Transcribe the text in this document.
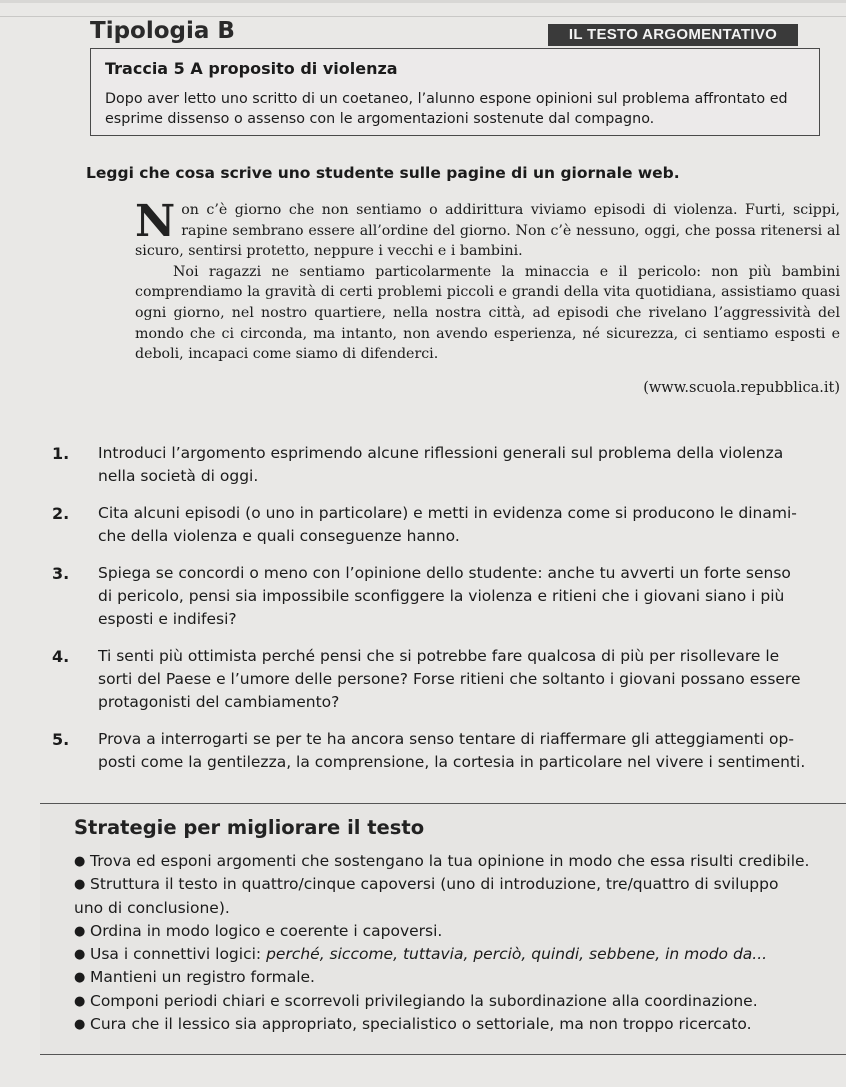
Tipologia B	IL TESTO ARGOMENTATIVO
Traccia 5 A proposito di violenza
Dopo aver letto uno scritto di un coetaneo, l’alunno espone opinioni sul problema affrontato ed esprime dissenso o assenso con le argomentazioni sostenute dal compagno.
Leggi che cosa scrive uno studente sulle pagine di un giornale web.

Non c’è giorno che non sentiamo o addirittura viviamo episodi di violenza. Furti, scippi, rapine sembrano essere all’ordine del giorno. Non c’è nessuno, oggi, che possa ritenersi al sicuro, sentirsi protetto, neppure i vecchi e i bambini.

Noi ragazzi ne sentiamo particolarmente la minaccia e il pericolo: non più bambini comprendiamo la gravità di certi problemi piccoli e grandi della vita quotidiana, assistiamo quasi ogni giorno, nel nostro quartiere, nella nostra città, ad episodi che rivelano l’aggressività del mondo che ci circonda, ma intanto, non avendo esperienza, né sicurezza, ci sentiamo esposti e deboli, incapaci come siamo di difenderci.

(www.scuola.repubblica.it)
1. Introduci l’argomento esprimendo alcune riflessioni generali sul problema della violenza
nella società di oggi.
2. Cita alcuni episodi (o uno in particolare) e metti in evidenza come si producono le dinami-
che della violenza e quali conseguenze hanno.
3. Spiega se concordi o meno con l’opinione dello studente: anche tu avverti un forte senso
di pericolo, pensi sia impossibile sconfiggere la violenza e ritieni che i giovani siano i più
esposti e indifesi?
4. Ti senti più ottimista perché pensi che si potrebbe fare qualcosa di più per risollevare le
sorti del Paese e l’umore delle persone? Forse ritieni che soltanto i giovani possano essere
protagonisti del cambiamento?
5. Prova a interrogarti se per te ha ancora senso tentare di riaffermare gli atteggiamenti op-
posti come la gentilezza, la comprensione, la cortesia in particolare nel vivere i sentimenti.
Strategie per migliorare il testo
● Trova ed esponi argomenti che sostengano la tua opinione in modo che essa risulti credibile.
● Struttura il testo in quattro/cinque capoversi (uno di introduzione, tre/quattro di sviluppo
uno di conclusione).
● Ordina in modo logico e coerente i capoversi.
● Usa i connettivi logici: perché, siccome, tuttavia, perciò, quindi, sebbene, in modo da...
● Mantieni un registro formale.
● Componi periodi chiari e scorrevoli privilegiando la subordinazione alla coordinazione.
● Cura che il lessico sia appropriato, specialistico o settoriale, ma non troppo ricercato.
